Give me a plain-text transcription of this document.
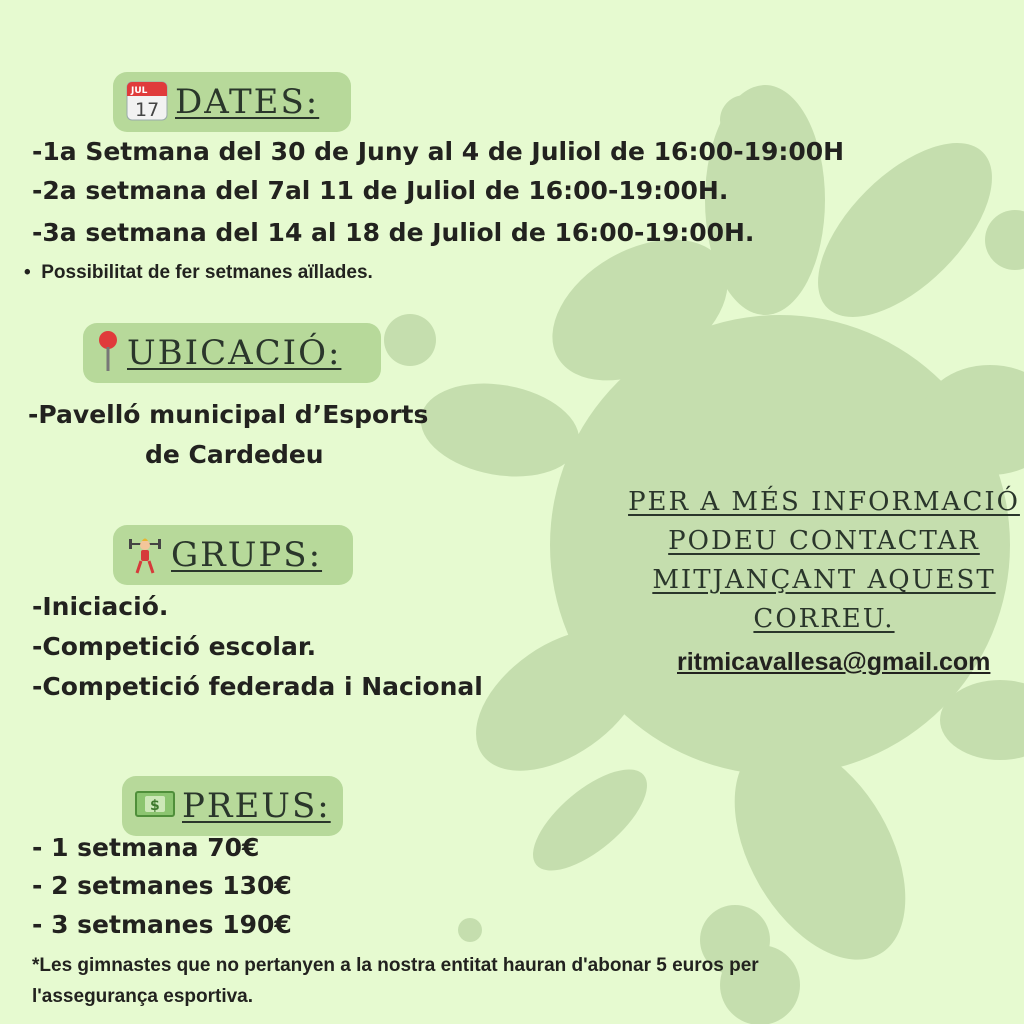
JUL
17 DATES:
-1a Setmana del 30 de Juny al 4 de Juliol de 16:00-19:00H
-2a setmana del 7al 11 de Juliol de 16:00-19:00H.
-3a setmana del 14 al 18 de Juliol de 16:00-19:00H.
•  Possibilitat de fer setmanes aïllades.
UBICACIÓ:
-Pavelló municipal d’Esports
de Cardedeu
GRUPS:
-Iniciació.
-Competició escolar.
-Competició federada i Nacional
$ PREUS:
- 1 setmana 70€
- 2 setmanes 130€
- 3 setmanes 190€
*Les gimnastes que no pertanyen a la nostra entitat hauran d'abonar 5 euros per
l'assegurança esportiva.
PER A MÉS INFORMACIÓ
PODEU CONTACTAR
MITJANÇANT AQUEST
CORREU.
ritmicavallesa@gmail.com
